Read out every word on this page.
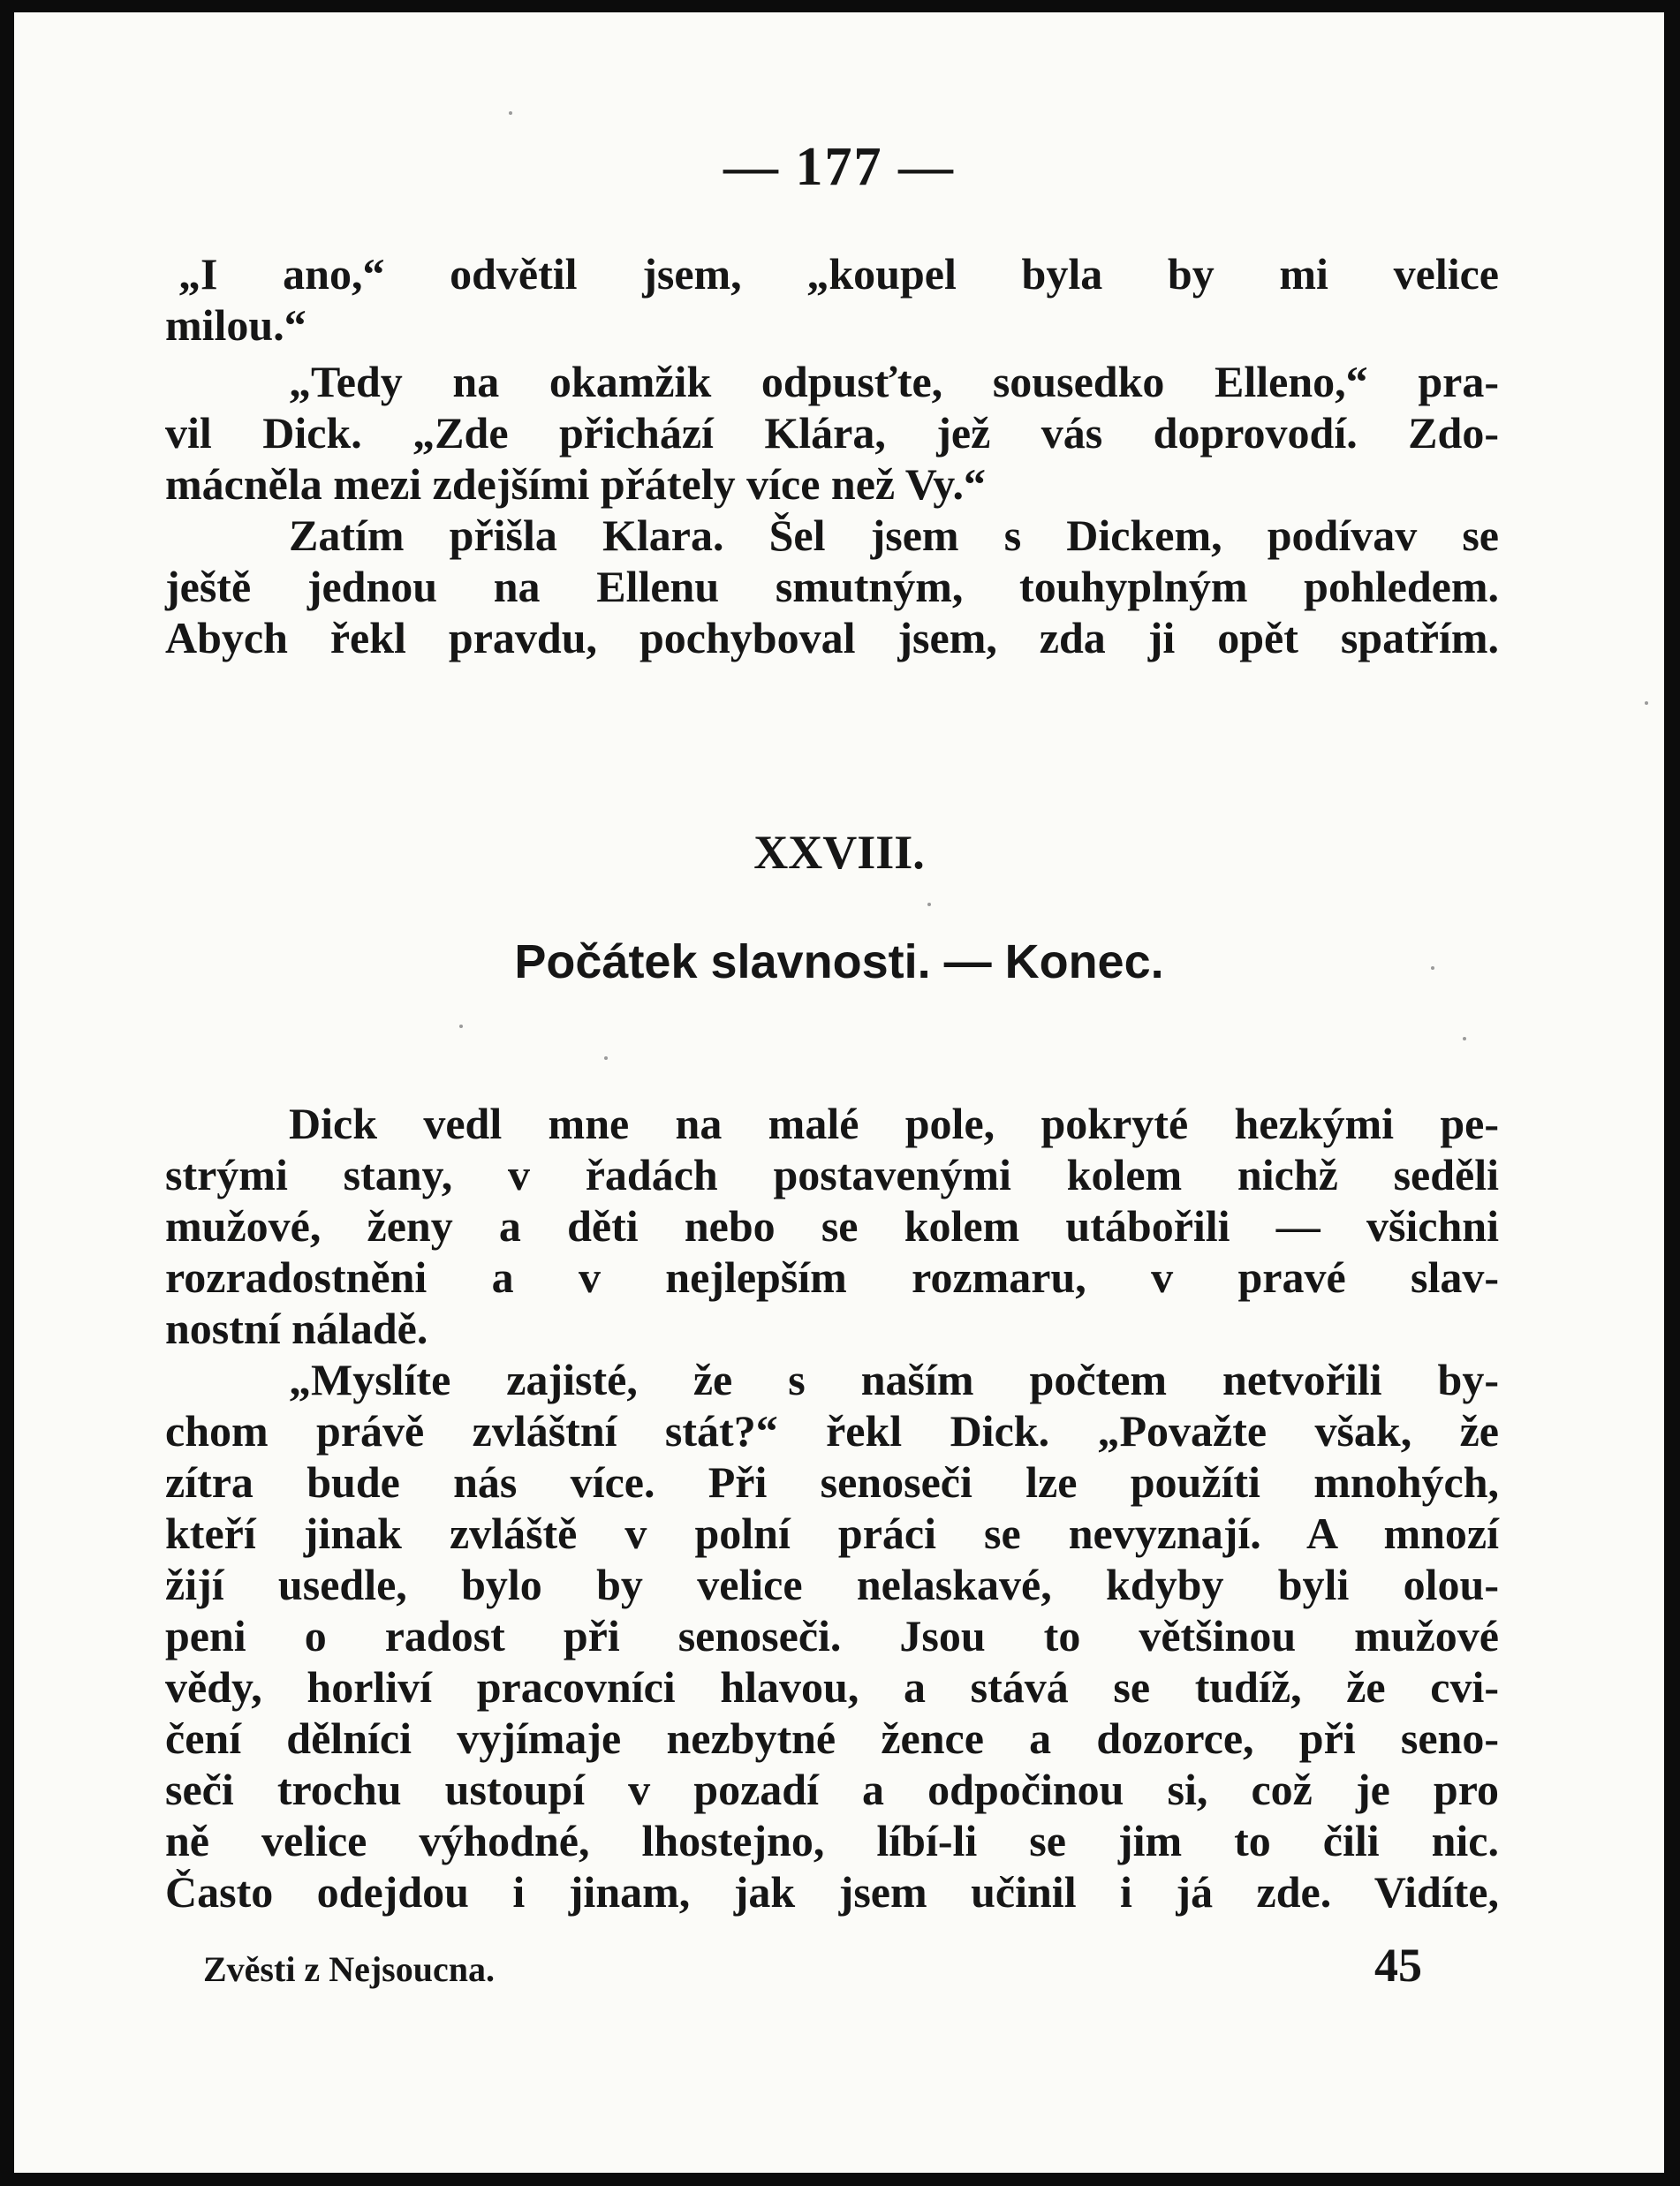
— 177 —
„I ano,“ odvětil jsem, „koupel byla by mi velice
milou.“
„Tedy na okamžik odpusťte, sousedko Elleno,“ pra-
vil Dick. „Zde přichází Klára, jež vás doprovodí. Zdo-
mácněla mezi zdejšími přátely více než Vy.“
Zatím přišla Klara. Šel jsem s Dickem, podívav se
ještě jednou na Ellenu smutným, touhyplným pohledem.
Abych řekl pravdu, pochyboval jsem, zda ji opět spatřím.
XXVIII.
Počátek slavnosti. — Konec.
Dick vedl mne na malé pole, pokryté hezkými pe-
strými stany, v řadách postavenými kolem nichž seděli
mužové, ženy a děti nebo se kolem utábořili — všichni
rozradostněni a v nejlepším rozmaru, v pravé slav-
nostní náladě.
„Myslíte zajisté, že s naším počtem netvořili by-
chom právě zvláštní stát?“ řekl Dick. „Považte však, že
zítra bude nás více. Při senoseči lze použíti mnohých,
kteří jinak zvláště v polní práci se nevyznají. A mnozí
žijí usedle, bylo by velice nelaskavé, kdyby byli olou-
peni o radost při senoseči. Jsou to většinou mužové
vědy, horliví pracovníci hlavou, a stává se tudíž, že cvi-
čení dělníci vyjímaje nezbytné žence a dozorce, při seno-
seči trochu ustoupí v pozadí a odpočinou si, což je pro
ně velice výhodné, lhostejno, líbí-li se jim to čili nic.
Často odejdou i jinam, jak jsem učinil i já zde. Vidíte,
Zvěsti z Nejsoucna.	45
